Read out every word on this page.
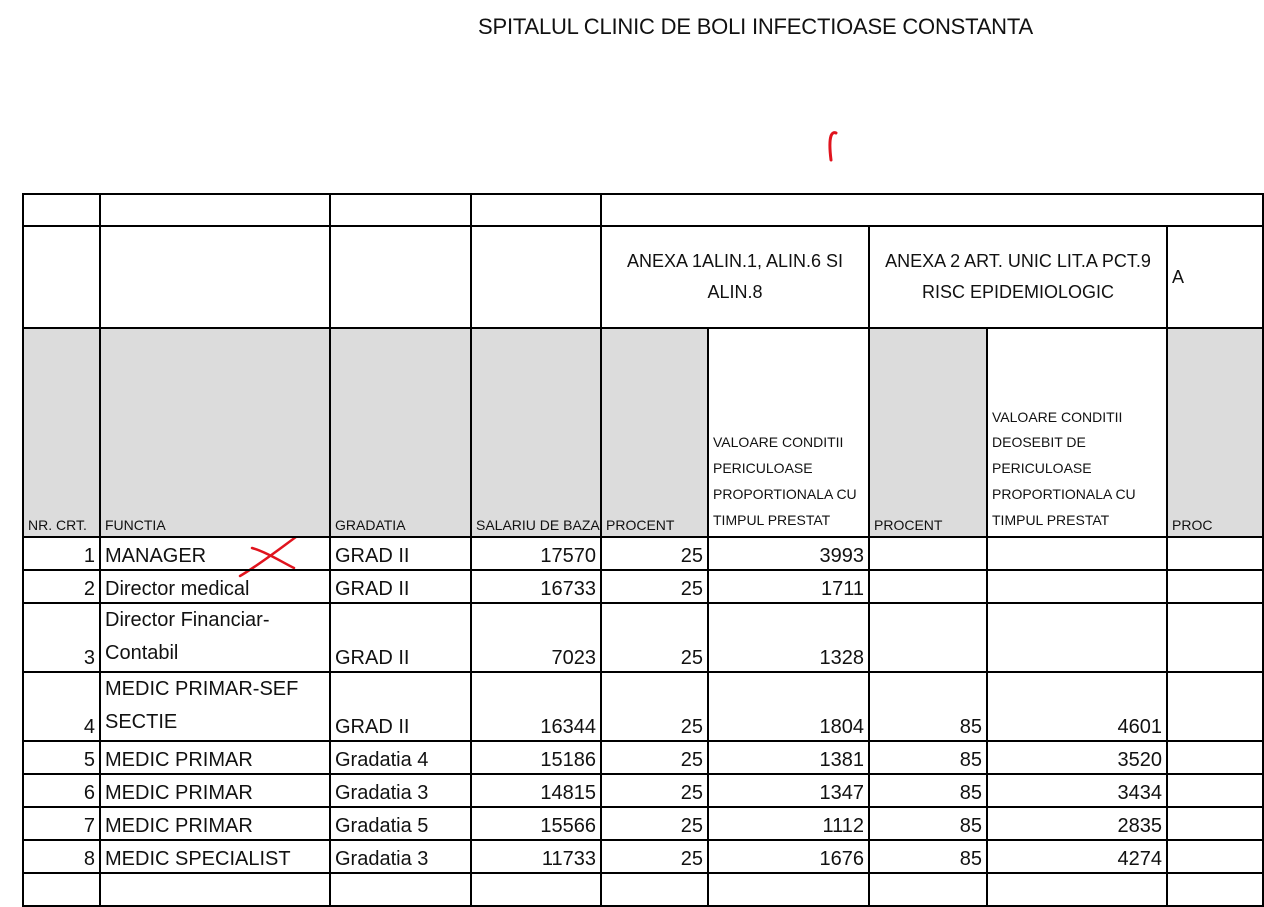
SPITALUL CLINIC DE BOLI INFECTIOASE CONSTANTA

				ANEXA 1ALIN.1, ALIN.6 SI ALIN.8		ANEXA 2 ART. UNIC LIT.A PCT.9 RISC EPIDEMIOLOGIC		A
NR. CRT.	FUNCTIA	GRADATIA	SALARIU DE BAZA	PROCENT	VALOARE CONDITII PERICULOASE PROPORTIONALA CU TIMPUL PRESTAT	PROCENT	VALOARE CONDITII DEOSEBIT DE PERICULOASE PROPORTIONALA CU TIMPUL PRESTAT	PROC
1	MANAGER	GRAD II	17570	25	3993			
2	Director medical	GRAD II	16733	25	1711			
3	Director Financiar-Contabil	GRAD II	7023	25	1328			
4	MEDIC PRIMAR-SEF SECTIE	GRAD II	16344	25	1804	85	4601	
5	MEDIC PRIMAR	Gradatia 4	15186	25	1381	85	3520	
6	MEDIC PRIMAR	Gradatia 3	14815	25	1347	85	3434	
7	MEDIC PRIMAR	Gradatia 5	15566	25	1112	85	2835	
8	MEDIC SPECIALIST	Gradatia 3	11733	25	1676	85	4274	
